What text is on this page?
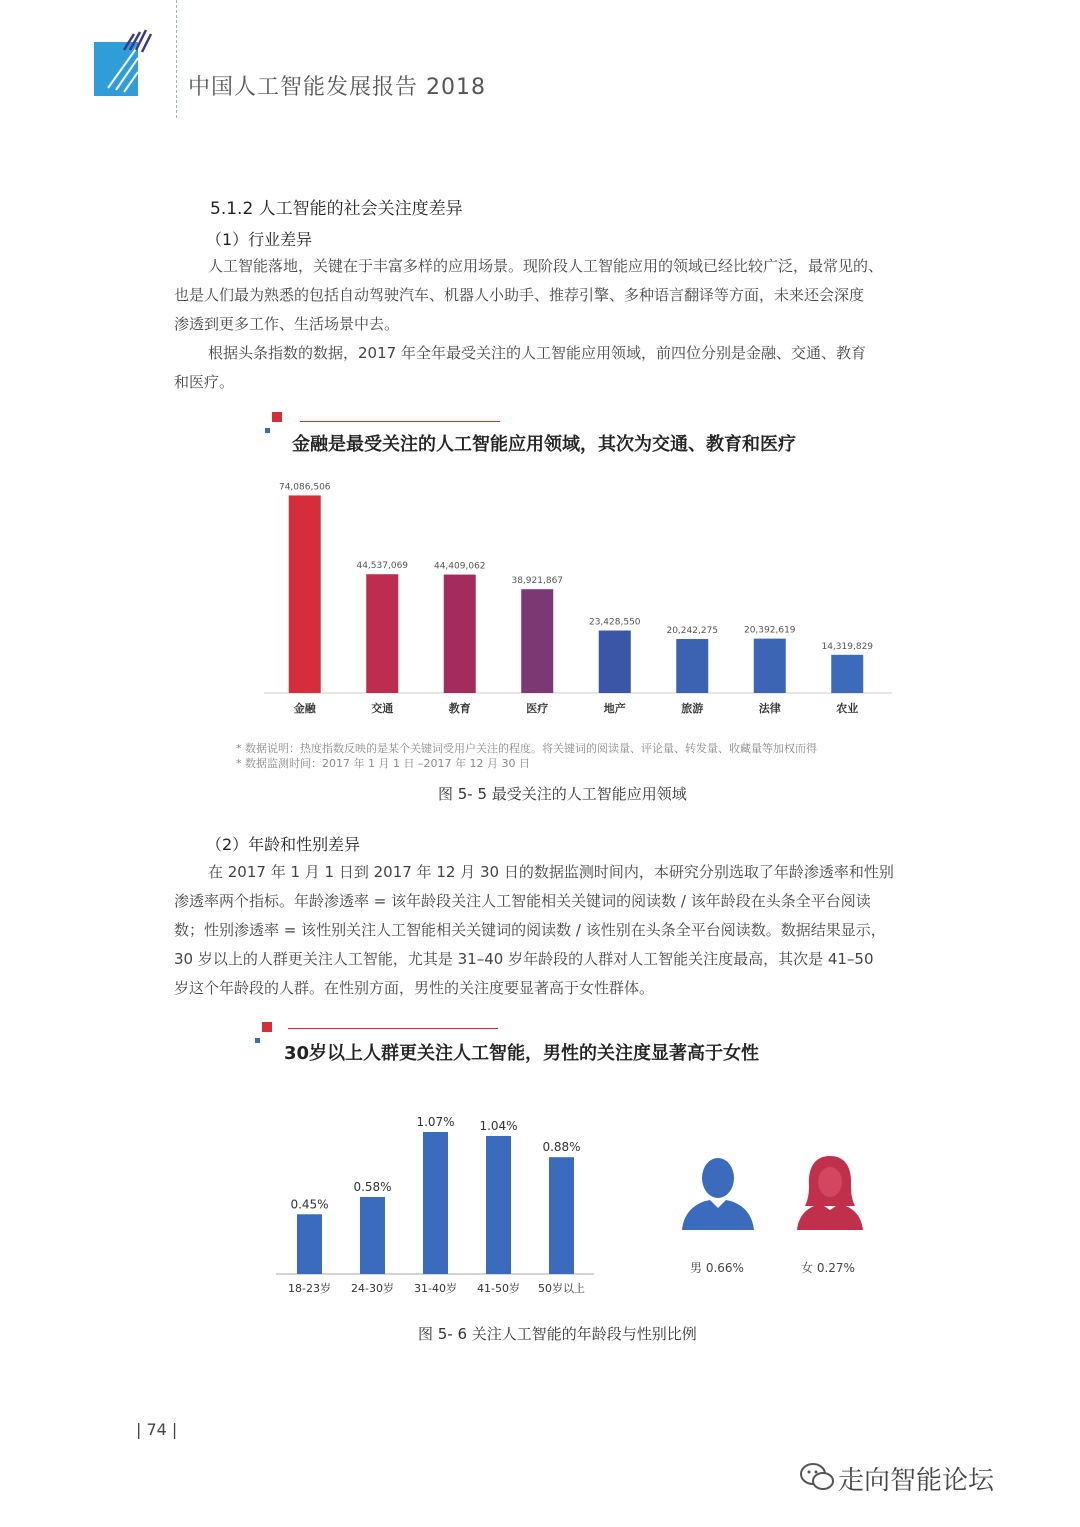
中国人工智能发展报告 2018
5.1.2 人工智能的社会关注度差异
（1）行业差异
人工智能落地，关键在于丰富多样的应用场景。现阶段人工智能应用的领域已经比较广泛，最常见的、
也是人们最为熟悉的包括自动驾驶汽车、机器人小助手、推荐引擎、多种语言翻译等方面，未来还会深度
渗透到更多工作、生活场景中去。
根据头条指数的数据，2017 年全年最受关注的人工智能应用领域，前四位分别是金融、交通、教育
和医疗。
金融是最受关注的人工智能应用领域，其次为交通、教育和医疗
74,086,506
金融
44,537,069
交通
44,409,062
教育
38,921,867
医疗
23,428,550
地产
20,242,275
旅游
20,392,619
法律
14,319,829
农业
* 数据说明：热度指数反映的是某个关键词受用户关注的程度。将关键词的阅读量、评论量、转发量、收藏量等加权而得
* 数据监测时间：2017 年 1 月 1 日 –2017 年 12 月 30 日
图 5- 5 最受关注的人工智能应用领域
（2）年龄和性别差异
在 2017 年 1 月 1 日到 2017 年 12 月 30 日的数据监测时间内，本研究分别选取了年龄渗透率和性别
渗透率两个指标。年龄渗透率 = 该年龄段关注人工智能相关关键词的阅读数 / 该年龄段在头条全平台阅读
数；性别渗透率 = 该性别关注人工智能相关关键词的阅读数 / 该性别在头条全平台阅读数。数据结果显示，
30 岁以上的人群更关注人工智能，尤其是 31–40 岁年龄段的人群对人工智能关注度最高，其次是 41–50
岁这个年龄段的人群。在性别方面，男性的关注度要显著高于女性群体。
30岁以上人群更关注人工智能，男性的关注度显著高于女性
0.45%
18-23岁
0.58%
24-30岁
1.07%
31-40岁
1.04%
41-50岁
0.88%
50岁以上
男 0.66%	女 0.27%
图 5- 6 关注人工智能的年龄段与性别比例
| 74 |
走向智能论坛
